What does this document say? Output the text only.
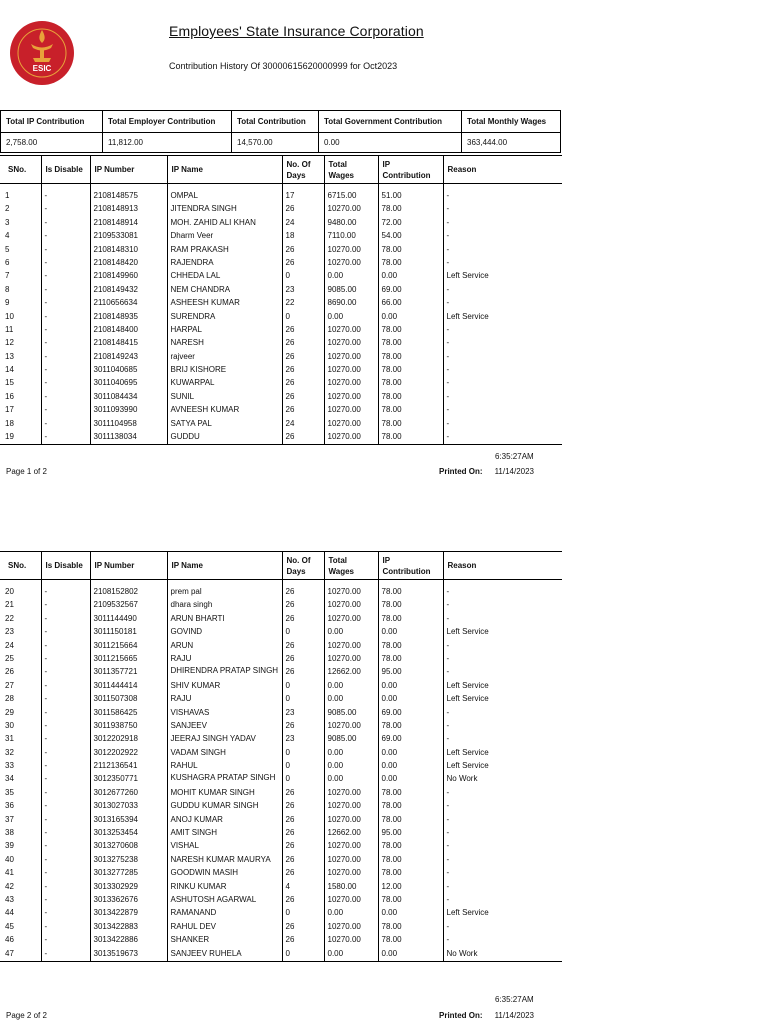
ESIC
Employees' State Insurance Corporation
Contribution History Of 30000615620000999 for Oct2023
Total IP Contribution	Total Employer Contribution	Total Contribution	Total Government Contribution	Total Monthly Wages
2,758.00	11,812.00	14,570.00	0.00	363,444.00
SNo.	Is Disable	IP Number	IP Name	No. Of Days	Total Wages	IP Contribution	Reason

1	-	2108148575	OMPAL	17	6715.00	51.00	-
2	-	2108148913	JITENDRA SINGH	26	10270.00	78.00	-
3	-	2108148914	MOH. ZAHID ALI KHAN	24	9480.00	72.00	-
4	-	2109533081	Dharm Veer	18	7110.00	54.00	-
5	-	2108148310	RAM PRAKASH	26	10270.00	78.00	-
6	-	2108148420	RAJENDRA	26	10270.00	78.00	-
7	-	2108149960	CHHEDA LAL	0	0.00	0.00	Left Service
8	-	2108149432	NEM CHANDRA	23	9085.00	69.00	-
9	-	2110656634	ASHEESH KUMAR	22	8690.00	66.00	-
10	-	2108148935	SURENDRA	0	0.00	0.00	Left Service
11	-	2108148400	HARPAL	26	10270.00	78.00	-
12	-	2108148415	NARESH	26	10270.00	78.00	-
13	-	2108149243	rajveer	26	10270.00	78.00	-
14	-	3011040685	BRIJ KISHORE	26	10270.00	78.00	-
15	-	3011040695	KUWARPAL	26	10270.00	78.00	-
16	-	3011084434	SUNIL	26	10270.00	78.00	-
17	-	3011093990	AVNEESH KUMAR	26	10270.00	78.00	-
18	-	3011104958	SATYA PAL	24	10270.00	78.00	-
19	-	3011138034	GUDDU	26	10270.00	78.00	-
6:35:27AM
Page 1 of 2	Printed On: 11/14/2023
SNo.	Is Disable	IP Number	IP Name	No. Of Days	Total Wages	IP Contribution	Reason

20	-	2108152802	prem pal	26	10270.00	78.00	-
21	-	2109532567	dhara singh	26	10270.00	78.00	-
22	-	3011144490	ARUN BHARTI	26	10270.00	78.00	-
23	-	3011150181	GOVIND	0	0.00	0.00	Left Service
24	-	3011215664	ARUN	26	10270.00	78.00	-
25	-	3011215665	RAJU	26	10270.00	78.00	-
26	-	3011357721	DHIRENDRA PRATAP SINGH	26	12662.00	95.00	-
27	-	3011444414	SHIV KUMAR	0	0.00	0.00	Left Service
28	-	3011507308	RAJU	0	0.00	0.00	Left Service
29	-	3011586425	VISHAVAS	23	9085.00	69.00	-
30	-	3011938750	SANJEEV	26	10270.00	78.00	-
31	-	3012202918	JEERAJ SINGH YADAV	23	9085.00	69.00	-
32	-	3012202922	VADAM SINGH	0	0.00	0.00	Left Service
33	-	2112136541	RAHUL	0	0.00	0.00	Left Service
34	-	3012350771	KUSHAGRA PRATAP SINGH	0	0.00	0.00	No Work
35	-	3012677260	MOHIT KUMAR SINGH	26	10270.00	78.00	-
36	-	3013027033	GUDDU KUMAR SINGH	26	10270.00	78.00	-
37	-	3013165394	ANOJ KUMAR	26	10270.00	78.00	-
38	-	3013253454	AMIT SINGH	26	12662.00	95.00	-
39	-	3013270608	VISHAL	26	10270.00	78.00	-
40	-	3013275238	NARESH KUMAR MAURYA	26	10270.00	78.00	-
41	-	3013277285	GOODWIN MASIH	26	10270.00	78.00	-
42	-	3013302929	RINKU KUMAR	4	1580.00	12.00	-
43	-	3013362676	ASHUTOSH AGARWAL	26	10270.00	78.00	-
44	-	3013422879	RAMANAND	0	0.00	0.00	Left Service
45	-	3013422883	RAHUL DEV	26	10270.00	78.00	-
46	-	3013422886	SHANKER	26	10270.00	78.00	-
47	-	3013519673	SANJEEV RUHELA	0	0.00	0.00	No Work
6:35:27AM
Page 2 of 2	Printed On: 11/14/2023
